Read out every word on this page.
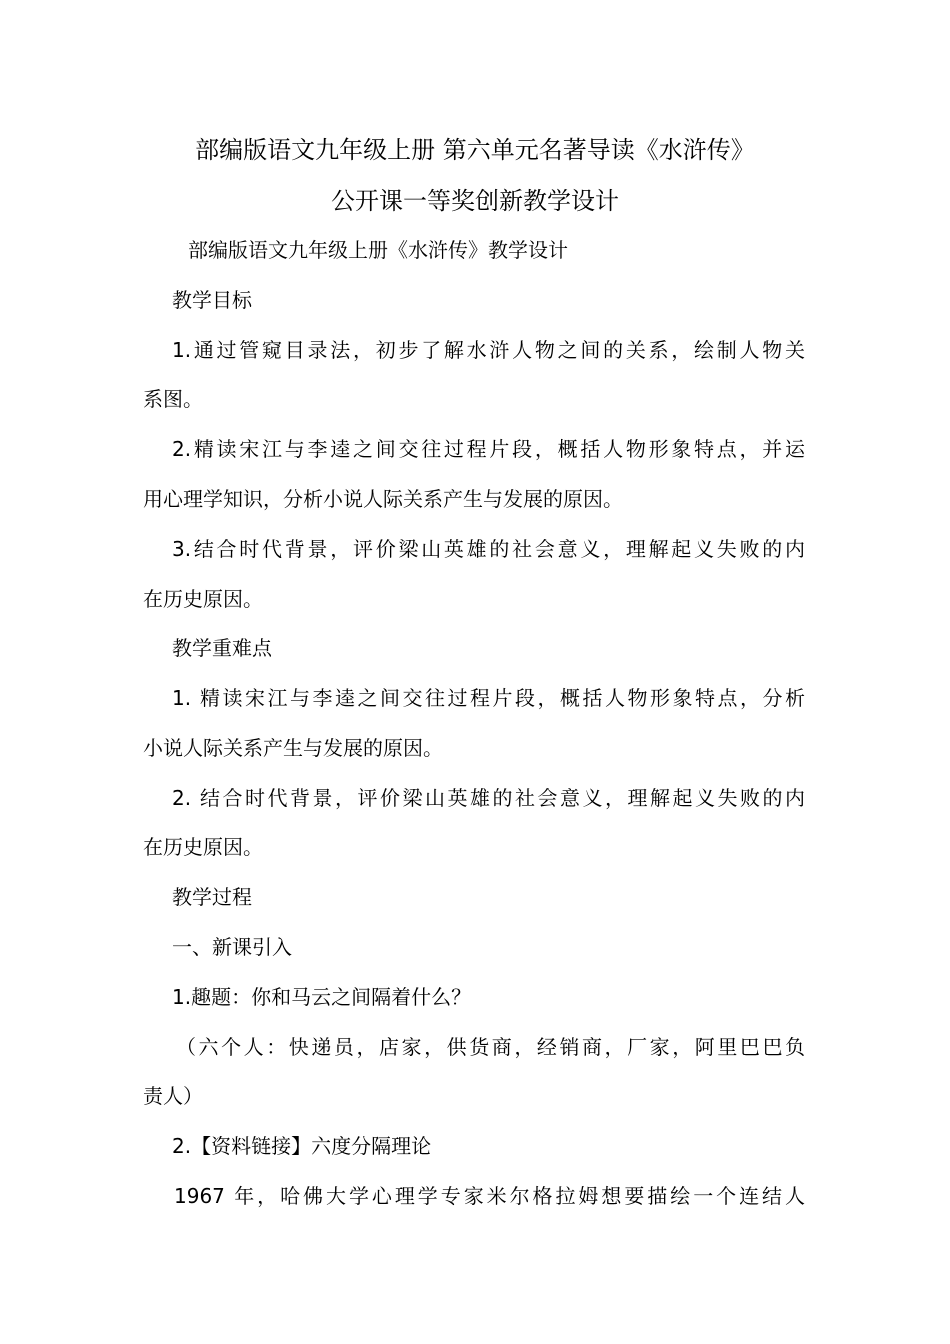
部编版语文九年级上册 第六单元名著导读《水浒传》
公开课一等奖创新教学设计
部编版语文九年级上册《水浒传》教学设计
教学目标
1.通过管窥目录法，初步了解水浒人物之间的关系，绘制人物关
系图。
2.精读宋江与李逵之间交往过程片段，概括人物形象特点，并运
用心理学知识，分析小说人际关系产生与发展的原因。
3.结合时代背景，评价梁山英雄的社会意义，理解起义失败的内
在历史原因。
教学重难点
1. 精读宋江与李逵之间交往过程片段，概括人物形象特点，分析
小说人际关系产生与发展的原因。
2. 结合时代背景，评价梁山英雄的社会意义，理解起义失败的内
在历史原因。
教学过程
一、新课引入
1.趣题：你和马云之间隔着什么？
（六个人：快递员，店家，供货商，经销商，厂家，阿里巴巴负
责人）
2.【资料链接】六度分隔理论
1967 年，哈佛大学心理学专家米尔格拉姆想要描绘一个连结人
